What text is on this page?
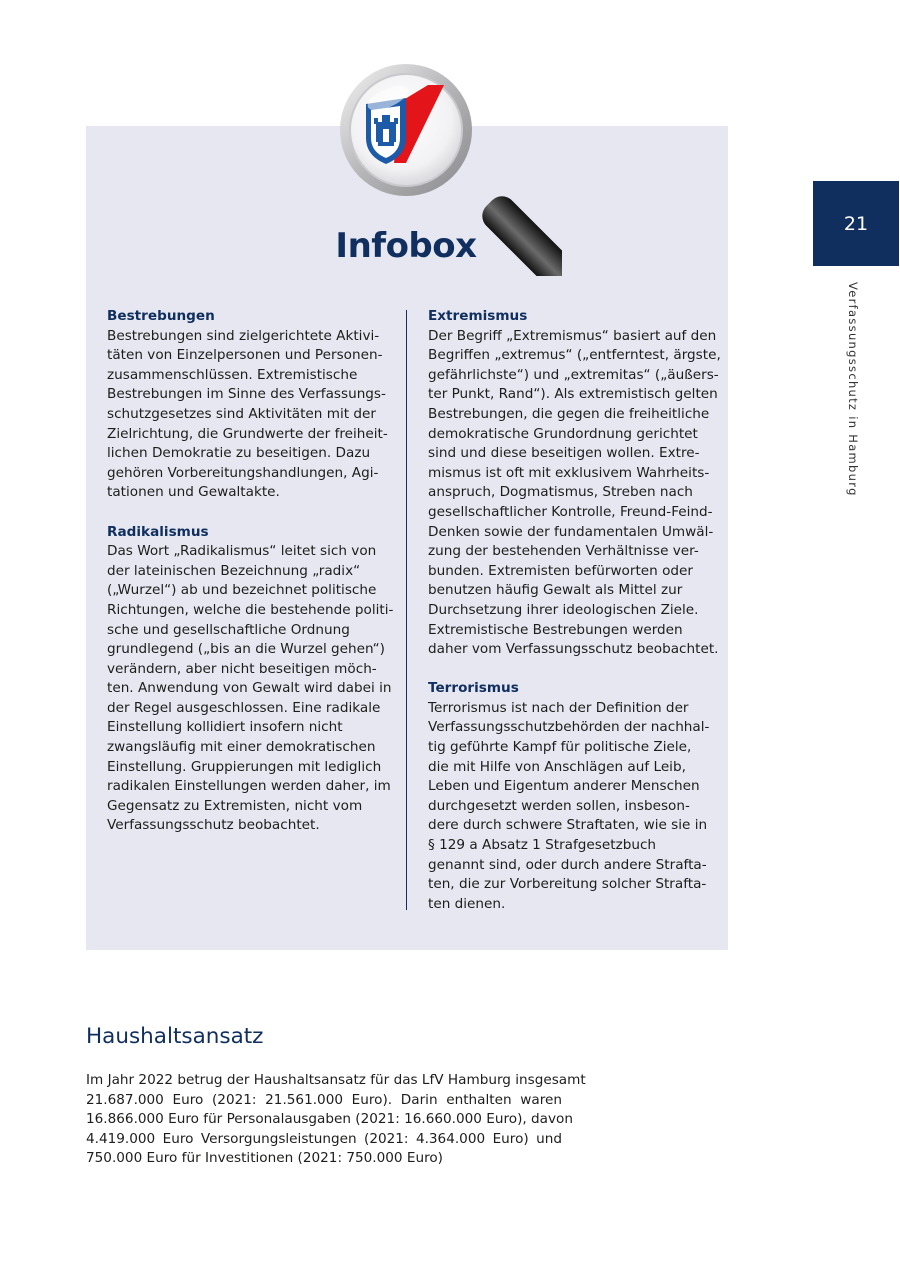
Infobox
Bestrebungen
Bestrebungen sind zielgerichtete Aktivi-
täten von Einzelpersonen und Personen-
zusammenschlüssen. Extremistische
Bestrebungen im Sinne des Verfassungs-
schutzgesetzes sind Aktivitäten mit der
Zielrichtung, die Grundwerte der freiheit-
lichen Demokratie zu beseitigen. Dazu
gehören Vorbereitungshandlungen, Agi-
tationen und Gewaltakte.
Radikalismus
Das Wort „Radikalismus“ leitet sich von
der lateinischen Bezeichnung „radix“
(„Wurzel“) ab und bezeichnet politische
Richtungen, welche die bestehende politi-
sche und gesellschaftliche Ordnung
grundlegend („bis an die Wurzel gehen“)
verändern, aber nicht beseitigen möch-
ten. Anwendung von Gewalt wird dabei in
der Regel ausgeschlossen. Eine radikale
Einstellung kollidiert insofern nicht
zwangsläufig mit einer demokratischen
Einstellung. Gruppierungen mit lediglich
radikalen Einstellungen werden daher, im
Gegensatz zu Extremisten, nicht vom
Verfassungsschutz beobachtet.
Extremismus
Der Begriff „Extremismus“ basiert auf den
Begriffen „extremus“ („entferntest, ärgste,
gefährlichste“) und „extremitas“ („äußers-
ter Punkt, Rand“). Als extremistisch gelten
Bestrebungen, die gegen die freiheitliche
demokratische Grundordnung gerichtet
sind und diese beseitigen wollen. Extre-
mismus ist oft mit exklusivem Wahrheits-
anspruch, Dogmatismus, Streben nach
gesellschaftlicher Kontrolle, Freund-Feind-
Denken sowie der fundamentalen Umwäl-
zung der bestehenden Verhältnisse ver-
bunden. Extremisten befürworten oder
benutzen häufig Gewalt als Mittel zur
Durchsetzung ihrer ideologischen Ziele.
Extremistische Bestrebungen werden
daher vom Verfassungsschutz beobachtet.
Terrorismus
Terrorismus ist nach der Definition der
Verfassungsschutzbehörden der nachhal-
tig geführte Kampf für politische Ziele,
die mit Hilfe von Anschlägen auf Leib,
Leben und Eigentum anderer Menschen
durchgesetzt werden sollen, insbeson-
dere durch schwere Straftaten, wie sie in
§ 129 a Absatz 1 Strafgesetzbuch
genannt sind, oder durch andere Strafta-
ten, die zur Vorbereitung solcher Strafta-
ten dienen.
21
Verfassungsschutz in Hamburg
Haushaltsansatz
Im Jahr 2022 betrug der Haushaltsansatz für das LfV Hamburg insgesamt
21.687.000 Euro (2021: 21.561.000 Euro). Darin enthalten waren
16.866.000 Euro für Personalausgaben (2021: 16.660.000 Euro), davon
4.419.000 Euro Versorgungsleistungen (2021: 4.364.000 Euro) und
750.000 Euro für Investitionen (2021: 750.000 Euro)
